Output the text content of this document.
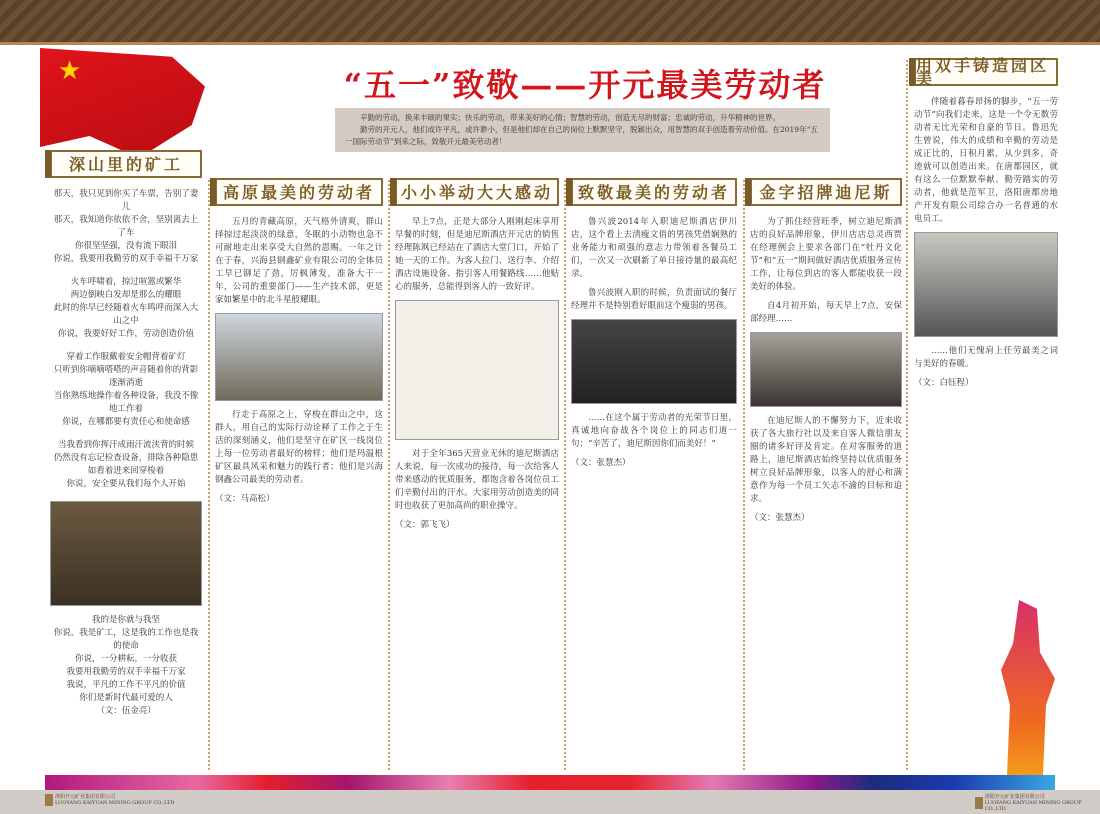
★	“五一”致敬——开元最美劳动者

辛勤的劳动，换来丰硕的果实；快乐的劳动，带来美好的心情；智慧的劳动，创造无尽的财富；忠诚的劳动，升华精神的世界。

勤劳的开元人，他们或许平凡，或许渺小，但是他们却在自己的岗位上默默坚守，脱颖出众，用智慧的双手创造着劳动价值。在2019年“五一国际劳动节”到来之际，致敬开元最美劳动者！

深山里的矿工

那天，我只见到你买了车票，告别了妻儿

那天，我知道你依依不舍，坚别离去上了车

你很坚坚强，没有流下眼泪

你说，我要用我勤劳的双手幸福千万家

火车呼啸着，掠过喧嚣或繁华

两边倒映白发却是那么的耀眼

此时的你早已经随着火车鸣呼而深入大山之中

你说，我要好好工作，劳动创造价值

穿着工作服戴着安全帽背着矿灯

只听到你嘀嘀嗒嗒的声音随着你的背影逐渐消逝

当你熟练地操作着各种设备，我没不像地工作着

你说，在哪都要有责任心和使命感

当我看到你挥汗成雨汗流浃背的时候

仍然没有忘记检查设备，排除各种隐患

如看着进来回穿梭着

你说，安全要从我们每个人开始

我的是你就与我坚

你说，我是矿工，这是我的工作也是我的使命

你说，一分耕耘，一分收获

我要用我勤劳的双手幸福千万家

我说，平凡的工作不平凡的价值

你们是新时代最可爱的人

（文：伍金亮）

高原最美的劳动者

五月的青藏高原，天气格外清爽，群山择掠过起淡淡的绿意，冬眠的小动物也急不可耐地走出来享受大自然的恩赐。一年之计在于春，兴海县钢鑫矿业有限公司的全体员工早已铆足了劲，厉枫薄发，准备大干一年，公司的重要部门——生产技术部，更是家如繁星中的北斗星般耀眼。

行走于高原之上，穿梭在群山之中，这群人，用自己的实际行动诠释了工作之于生活的深刻涵义，他们是坚守在矿区一线岗位上每一位劳动者最好的榜样；他们是玛温根矿区最具风采和魅力的践行者；他们是兴海钢鑫公司最美的劳动者。

（文：马高松）

小小举动大大感动

早上7点，正是大部分人刚刚起床享用早餐的时刻，但是迪尼斯酒店开元店的销售经理陈飒已经站在了酒店大堂门口，开始了她一天的工作。为客人拉门、送行李、介绍酒店设施设备、指引客人用餐路线……他贴心的服务，总能得到客人的一致好评。

对于全年365天营业无休的迪尼斯酒店人来说，每一次成功的接待，每一次给客人带来感动的优质服务，都饱含着各岗位员工们辛勤付出的汗水。大家用劳动创造美的同时也收获了更加高尚的职业操守。

（文：郭飞飞）

致敬最美的劳动者

鲁兴波2014年入职迪尼斯酒店伊川店，这个看上去清瘦文俏的男孩凭借娴熟的业务能力和顽强的意志力带领着各餐员工们，一次又一次刷新了单日接待量的最高纪录。

鲁兴波刚入职的时候，负责面试的餐厅经理并不是特别看好眼前这个瘦弱的男孩。

……在这个属于劳动者的光荣节日里，真诚地向奋战各个岗位上的同志们道一句：“辛苦了，迪尼斯因你们而美好！”

（文：张慧杰）

金字招牌迪尼斯

为了抓住经营旺季，树立迪尼斯酒店的良好品牌形象，伊川店店总灵西贾在经理例会上要求各部门在“牡丹文化节”和“五一”期间做好酒店优质服务宣传工作，让每位到店的客人都能收获一段美好的体验。

自4月初开始，每天早上7点，安保部经理……

在迪尼斯人的不懈努力下，近来收获了各大旅行社以及来自客人微信朋友圈的诸多好评及肯定。在对客服务的道路上，迪尼斯酒店始终坚持以优质服务树立良好品牌形象，以客人的舒心和满意作为每一个员工矢志不渝的目标和追求。

（文：张慧杰）

用双手铸造园区美

伴随着暮春昂扬的脚步，“五一劳动节”向我们走来，这是一个令无数劳动者无比光荣和自豪的节日。鲁迅先生曾说，伟大的成绩和辛勤的劳动是成正比的，日积月累，从少到多，奇迹就可以创造出来。在唐都园区，就有这么一位默默奉献、勤劳踏实的劳动者，他就是范军卫，洛阳唐都房地产开发有限公司综合办一名普通的水电员工。

……他们无愧肩上任劳最美之词与美好的春暖。

（文：白钰程）

洛阳开元矿业集团有限公司
LUOYANG KAIYUAN MINING GROUP CO.,LTD
洛阳开元矿业集团有限公司
LUOYANG KAIYUAN MINING GROUP CO.,LTD
